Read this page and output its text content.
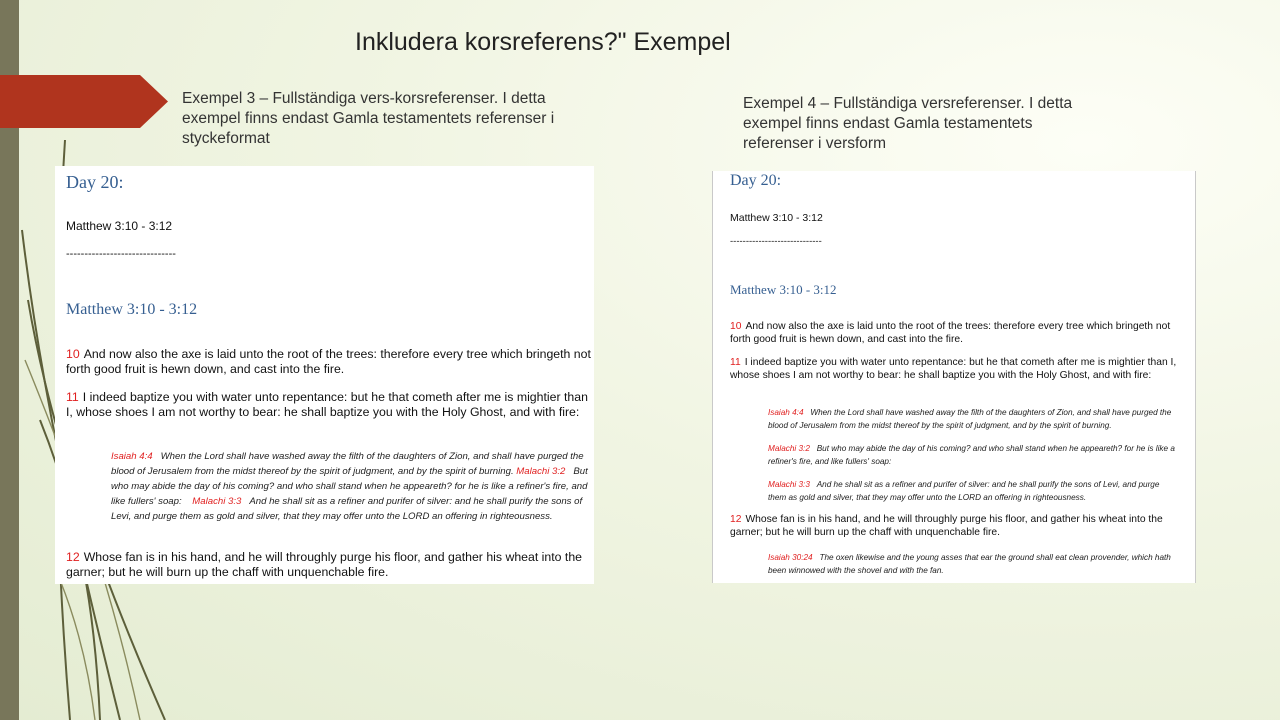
Inkludera korsreferens?" Exempel
Exempel 3 – Fullständiga vers-korsreferenser. I detta exempel finns endast Gamla testamentets referenser i styckeformat
Exempel 4 – Fullständiga versreferenser. I detta exempel finns endast Gamla testamentets referenser i versform
Day 20:
Matthew 3:10 - 3:12
------------------------------
Matthew 3:10 - 3:12
10 And now also the axe is laid unto the root of the trees: therefore every tree which bringeth not forth good fruit is hewn down, and cast into the fire.
11 I indeed baptize you with water unto repentance: but he that cometh after me is mightier than I, whose shoes I am not worthy to bear: he shall baptize you with the Holy Ghost, and with fire:
Isaiah 4:4 When the Lord shall have washed away the filth of the daughters of Zion, and shall have purged the blood of Jerusalem from the midst thereof by the spirit of judgment, and by the spirit of burning. Malachi 3:2 But who may abide the day of his coming? and who shall stand when he appeareth? for he is like a refiner's fire, and like fullers' soap: Malachi 3:3 And he shall sit as a refiner and purifer of silver: and he shall purify the sons of Levi, and purge them as gold and silver, that they may offer unto the LORD an offering in righteousness.
12 Whose fan is in his hand, and he will throughly purge his floor, and gather his wheat into the garner; but he will burn up the chaff with unquenchable fire.
Day 20:
Matthew 3:10 - 3:12
-----------------------------
Matthew 3:10 - 3:12
10 And now also the axe is laid unto the root of the trees: therefore every tree which bringeth not forth good fruit is hewn down, and cast into the fire.
11 I indeed baptize you with water unto repentance: but he that cometh after me is mightier than I, whose shoes I am not worthy to bear: he shall baptize you with the Holy Ghost, and with fire:
Isaiah 4:4 When the Lord shall have washed away the filth of the daughters of Zion, and shall have purged the blood of Jerusalem from the midst thereof by the spirit of judgment, and by the spirit of burning.
Malachi 3:2 But who may abide the day of his coming? and who shall stand when he appeareth? for he is like a refiner's fire, and like fullers' soap:
Malachi 3:3 And he shall sit as a refiner and purifer of silver: and he shall purify the sons of Levi, and purge them as gold and silver, that they may offer unto the LORD an offering in righteousness.
12 Whose fan is in his hand, and he will throughly purge his floor, and gather his wheat into the garner; but he will burn up the chaff with unquenchable fire.
Isaiah 30:24 The oxen likewise and the young asses that ear the ground shall eat clean provender, which hath been winnowed with the shovel and with the fan.
